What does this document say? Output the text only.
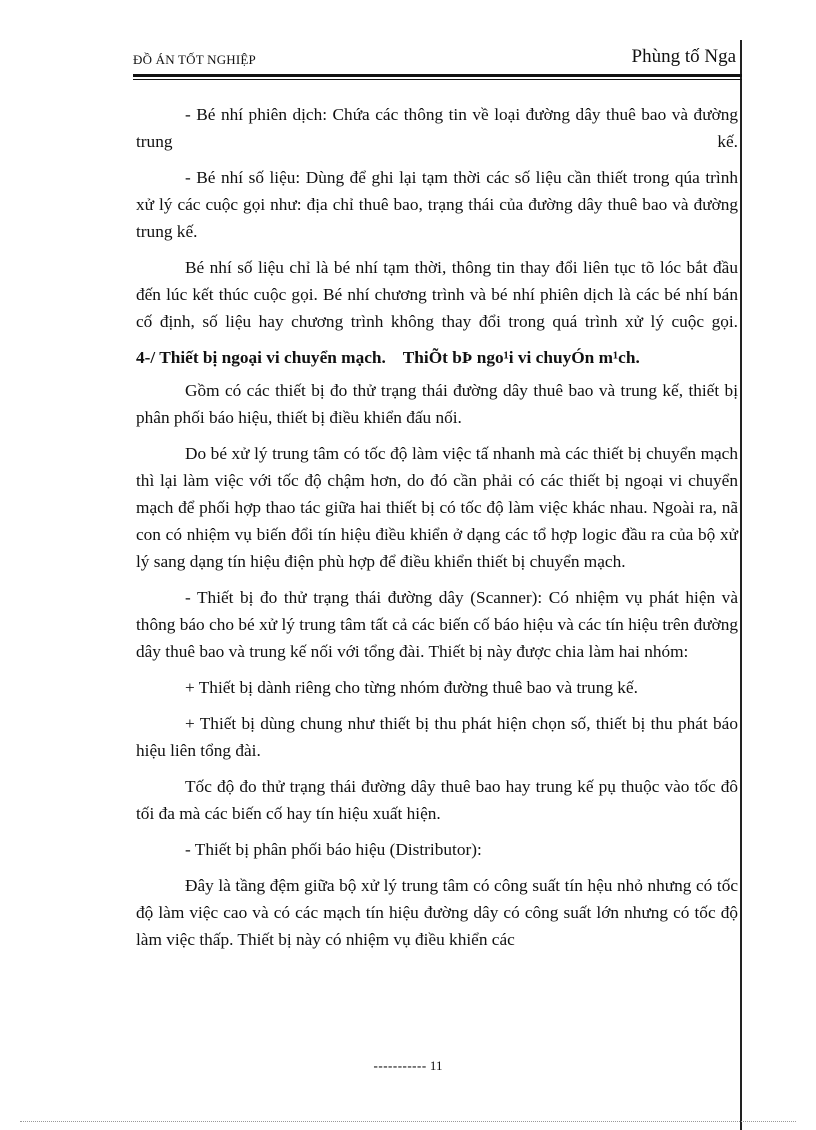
ĐỒ ÁN TỐT NGHIỆP	Phùng tố Nga

- Bé nhí phiên dịch: Chứa các thông tin về loại đường dây thuê bao và đường trung kế.

- Bé nhí số liệu: Dùng để ghi lại tạm thời các số liệu cần thiết trong qúa trình xử lý các cuộc gọi như: địa chỉ thuê bao, trạng thái của đường dây thuê bao và đường trung kế.

Bé nhí số liệu chỉ là bé nhí tạm thời, thông tin thay đổi liên tục tõ lóc bắt đầu đến lúc kết thúc cuộc gọi. Bé nhí chương trình và bé nhí phiên dịch là các bé nhí bán cố định, số liệu hay chương trình không thay đổi trong quá trình xử lý cuộc gọi.

4-/ Thiết bị ngoại vi chuyển mạch.    ThiÕt bÞ ngo¹i vi chuyÓn m¹ch.

Gồm có các thiết bị đo thử trạng thái đường dây thuê bao và trung kế, thiết bị phân phối báo hiệu, thiết bị điều khiển đấu nối.

Do bé xử lý trung tâm có tốc độ làm việc tấ nhanh mà các thiết bị chuyển mạch thì lại làm việc với tốc độ chậm hơn, do đó cần phải có các thiết bị ngoại vi chuyển mạch để phối hợp thao tác giữa hai thiết bị có tốc độ làm việc khác nhau. Ngoài ra, nã con có nhiệm vụ biến đổi tín hiệu điều khiển ở dạng các tổ hợp logic đầu ra của bộ xử lý sang dạng tín hiệu điện phù hợp để điều khiển thiết bị chuyển mạch.

- Thiết bị đo thử trạng thái đường dây (Scanner): Có nhiệm vụ phát hiện và thông báo cho bé xử lý trung tâm tất cả các biến cố báo hiệu và các tín hiệu trên đường dây thuê bao và trung kế nối với tổng đài. Thiết bị này được chia làm hai nhóm:

+ Thiết bị dành riêng cho từng nhóm đường thuê bao và trung kế.

+ Thiết bị dùng chung như thiết bị thu phát hiện chọn số, thiết bị thu phát báo hiệu liên tổng đài.

Tốc độ đo thử trạng thái đường dây thuê bao hay trung kế pụ thuộc vào tốc đô tối đa mà các biến cố hay tín hiệu xuất hiện.

- Thiết bị phân phối báo hiệu (Distributor):

Đây là tầng đệm giữa bộ xử lý trung tâm có công suất tín hệu nhỏ nhưng có tốc độ làm việc cao và có các mạch tín hiệu đường dây có công suất lớn nhưng có tốc độ làm việc thấp. Thiết bị này có nhiệm vụ điều khiển các

----------- 11
